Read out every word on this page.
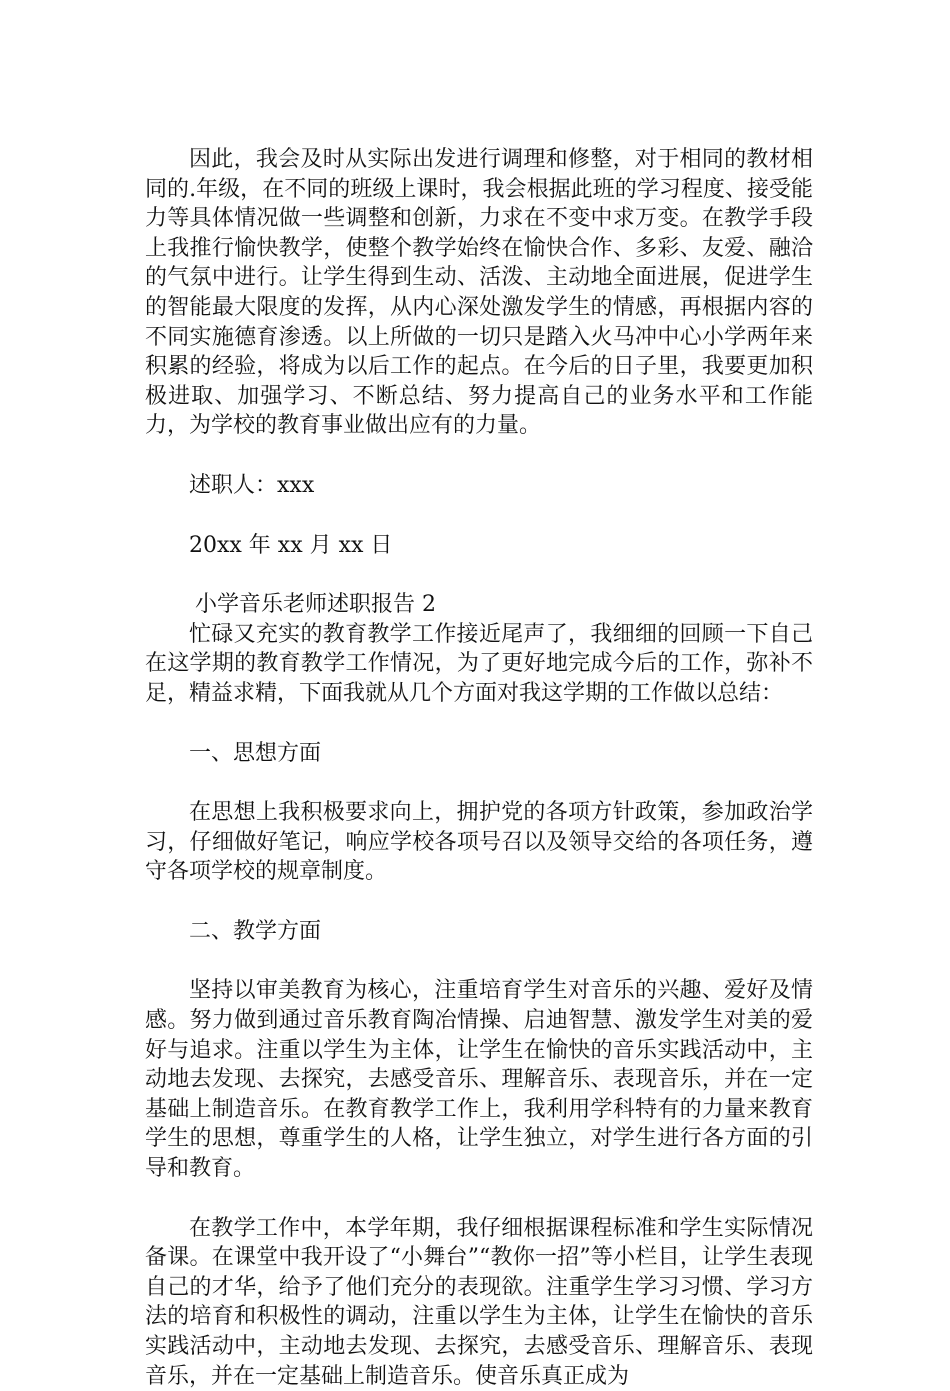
因此，我会及时从实际出发进行调理和修整，对于相同的教材相同的.年级，在不同的班级上课时，我会根据此班的学习程度、接受能力等具体情况做一些调整和创新，力求在不变中求万变。在教学手段上我推行愉快教学，使整个教学始终在愉快合作、多彩、友爱、融洽的气氛中进行。让学生得到生动、活泼、主动地全面进展，促进学生的智能最大限度的发挥，从内心深处激发学生的情感，再根据内容的不同实施德育渗透。以上所做的一切只是踏入火马冲中心小学两年来积累的经验，将成为以后工作的起点。在今后的日子里，我要更加积极进取、加强学习、不断总结、努力提高自己的业务水平和工作能力，为学校的教育事业做出应有的力量。

述职人：xxx

20xx 年 xx 月 xx 日

小学音乐老师述职报告 2

忙碌又充实的教育教学工作接近尾声了，我细细的回顾一下自己在这学期的教育教学工作情况，为了更好地完成今后的工作，弥补不足，精益求精，下面我就从几个方面对我这学期的工作做以总结：

一、思想方面

在思想上我积极要求向上，拥护党的各项方针政策，参加政治学习，仔细做好笔记，响应学校各项号召以及领导交给的各项任务，遵守各项学校的规章制度。

二、教学方面

坚持以审美教育为核心，注重培育学生对音乐的兴趣、爱好及情感。努力做到通过音乐教育陶冶情操、启迪智慧、激发学生对美的爱好与追求。注重以学生为主体，让学生在愉快的音乐实践活动中，主动地去发现、去探究，去感受音乐、理解音乐、表现音乐，并在一定基础上制造音乐。在教育教学工作上，我利用学科特有的力量来教育学生的思想，尊重学生的人格，让学生独立，对学生进行各方面的引导和教育。

在教学工作中，本学年期，我仔细根据课程标准和学生实际情况备课。在课堂中我开设了“小舞台”“教你一招”等小栏目，让学生表现自己的才华，给予了他们充分的表现欲。注重学生学习习惯、学习方法的培育和积极性的调动，注重以学生为主体，让学生在愉快的音乐实践活动中，主动地去发现、去探究，去感受音乐、理解音乐、表现音乐，并在一定基础上制造音乐。使音乐真正成为
